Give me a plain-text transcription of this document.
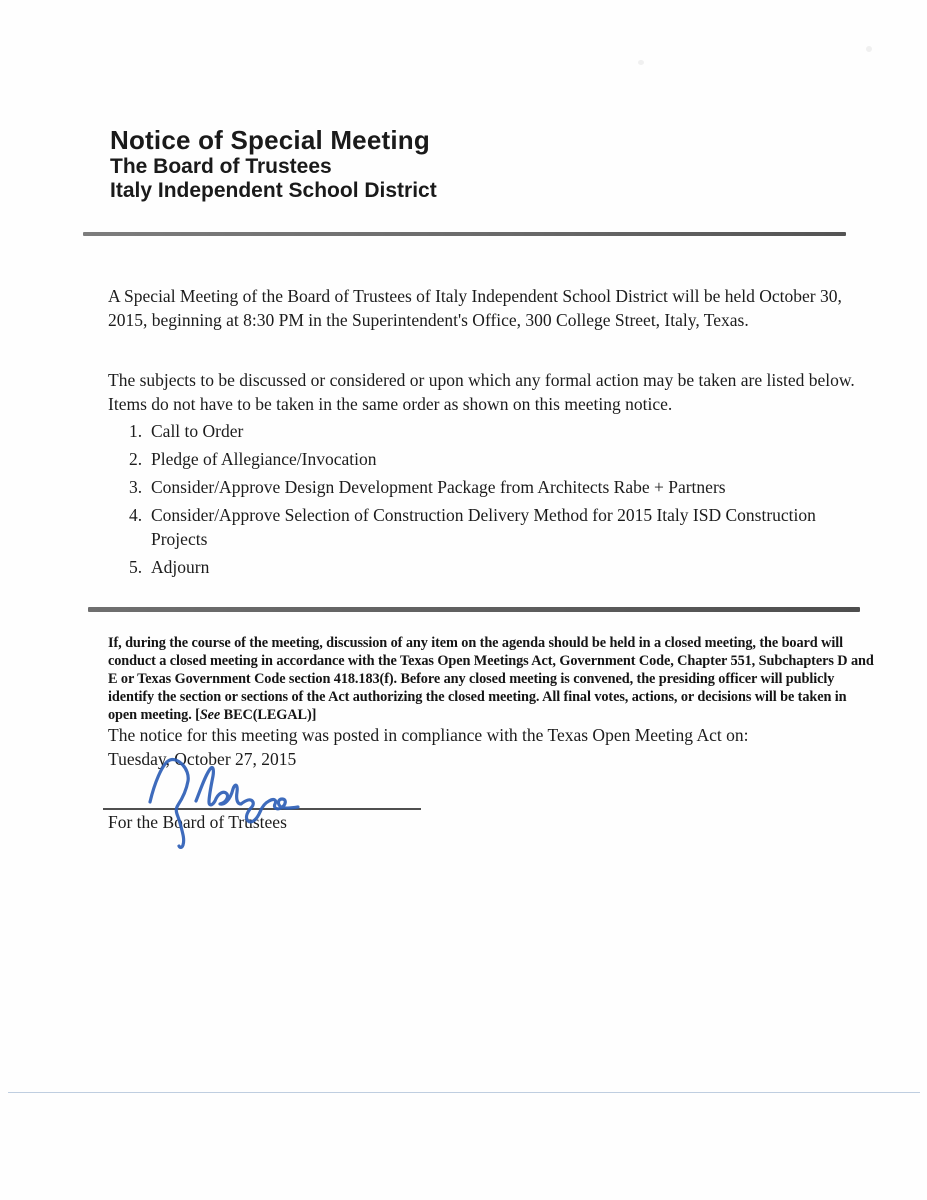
Notice of Special Meeting
The Board of Trustees
Italy Independent School District

A Special Meeting of the Board of Trustees of Italy Independent School District will be held October 30, 2015, beginning at 8:30 PM in the Superintendent's Office, 300 College Street, Italy, Texas.

The subjects to be discussed or considered or upon which any formal action may be taken are listed below. Items do not have to be taken in the same order as shown on this meeting notice.

1. Call to Order
2. Pledge of Allegiance/Invocation
3. Consider/Approve Design Development Package from Architects Rabe + Partners
4. Consider/Approve Selection of Construction Delivery Method for 2015 Italy ISD Construction Projects
5. Adjourn

If, during the course of the meeting, discussion of any item on the agenda should be held in a closed meeting, the board will conduct a closed meeting in accordance with the Texas Open Meetings Act, Government Code, Chapter 551, Subchapters D and E or Texas Government Code section 418.183(f). Before any closed meeting is convened, the presiding officer will publicly identify the section or sections of the Act authorizing the closed meeting. All final votes, actions, or decisions will be taken in open meeting. [See BEC(LEGAL)]

The notice for this meeting was posted in compliance with the Texas Open Meeting Act on:
Tuesday, October 27, 2015
For the Board of Trustees
